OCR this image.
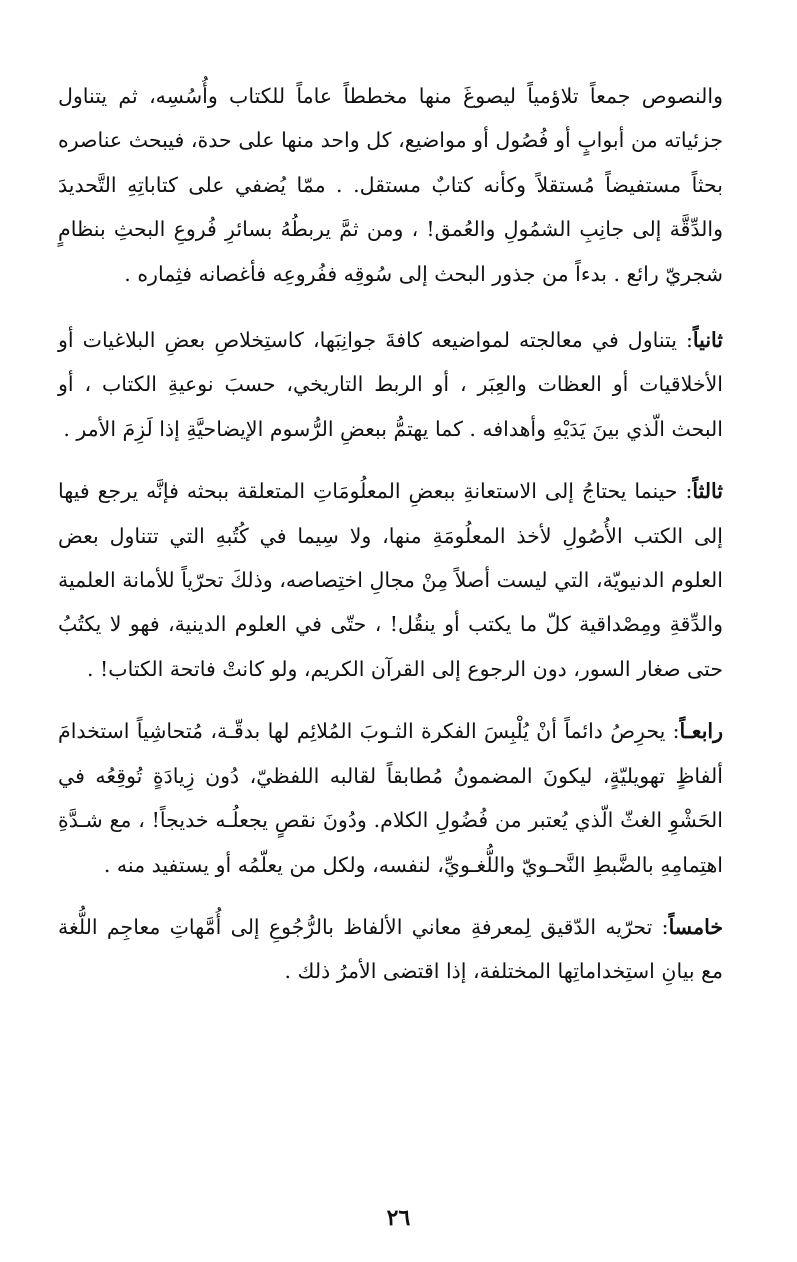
والنصوص جمعاً تلاؤمياً ليصوغَ منها مخططاً عاماً للكتاب وأُسُسِه، ثم يتناول جزئياته من أبوابٍ أو فُصُول أو مواضيع، كل واحد منها على حدة، فيبحث عناصره بحثاً مستفيضاً مُستقلاً وكأنه كتابٌ مستقل. . ممّا يُضفي على كتاباتِهِ التَّحديدَ والدِّقَّة إلى جانِبِ الشمُولِ والعُمق! ، ومن ثمَّ يربطُهُ بسائرِ فُروعِ البحثِ بنظامٍ شجريّ رائع . بدءاً من جذور البحث إلى سُوقِه ففُروعِه فأغصانه فثِماره .

ثانياً: يتناول في معالجته لمواضيعه كافةَ جوانِبَها، كاستِخلاصِ بعضِ البلاغيات أو الأخلاقيات أو العظات والعِبَر ، أو الربط التاريخي، حسبَ نوعيةِ الكتاب ، أو البحث الّذي بينَ يَدَيْهِ وأهدافه . كما يهتمُّ ببعضِ الرُّسوم الإيضاحيَّةِ إذا لَزِمَ الأمر .

ثالثاً: حينما يحتاجُ إلى الاستعانةِ ببعضِ المعلُومَاتِ المتعلقة ببحثه فإنَّه يرجع فيها إلى الكتب الأُصُولِ لأخذ المعلُومَةِ منها، ولا سِيما في كُتُبهِ التي تتناول بعض العلوم الدنيويّة، التي ليست أصلاً مِنْ مجالِ اختِصاصه، وذلكَ تحرّياً للأمانة العلمية والدِّقةِ ومِصْداقية كلّ ما يكتب أو ينقُل! ، حتّى في العلوم الدينية، فهو لا يكتُبُ حتى صغار السور، دون الرجوع إلى القرآن الكريم، ولو كانتْ فاتحة الكتاب! .

رابعـاً: يحرِصُ دائماً أنْ يُلْبِسَ الفكرة الثـوبَ المُلائِم لها بدقّـة، مُتحاشِياً استخدامَ ألفاظٍ تهويليّةٍ، ليكونَ المضمونُ مُطابقاً لقالبه اللفظيّ، دُون زِيادَةٍ تُوقِعُه في الحَشْوِ الغثّ الّذي يُعتبر من فُضُولِ الكلام. ودُونَ نقصٍ يجعلُـه خديجاً! ، مع شـدَّةِ اهتِمامِهِ بالضَّبطِ النَّحـويّ واللُّغـويِّ، لنفسه، ولكل من يعلّمُه أو يستفيد منه .

خامساً: تحرّيه الدّقيق لِمعرفةِ معاني الألفاظ بالرُّجُوعِ إلى أُمَّهاتِ معاجِم اللُّغة مع بيانِ استِخداماتِها المختلفة، إذا اقتضى الأمرُ ذلك .

٢٦
